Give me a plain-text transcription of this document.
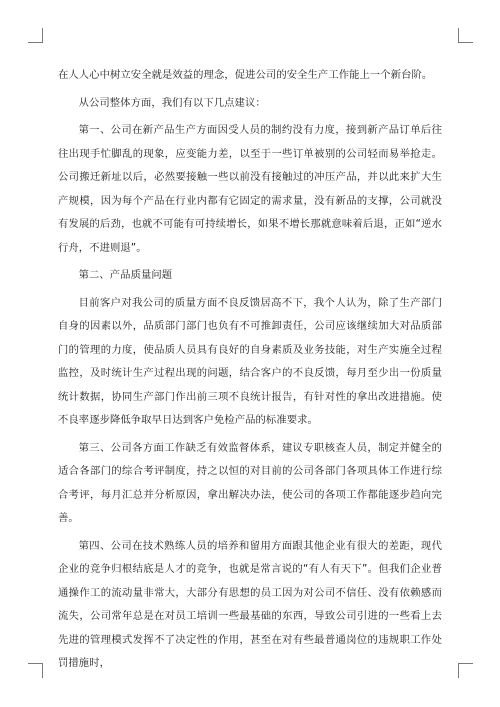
在人人心中树立安全就是效益的理念，促进公司的安全生产工作能上一个新台阶。

从公司整体方面，我们有以下几点建议：

第一、公司在新产品生产方面因受人员的制约没有力度，接到新产品订单后往往出现手忙脚乱的现象，应变能力差，以至于一些订单被别的公司轻而易举抢走。公司搬迁新址以后，必然要接触一些以前没有接触过的冲压产品，并以此来扩大生产规模，因为每个产品在行业内都有它固定的需求量，没有新品的支撑，公司就没有发展的后劲，也就不可能有可持续增长，如果不增长那就意味着后退，正如“逆水行舟，不进则退”。

第二、产品质量问题

目前客户对我公司的质量方面不良反馈居高不下，我个人认为，除了生产部门自身的因素以外，品质部门部门也负有不可推卸责任，公司应该继续加大对品质部门的管理的力度，使品质人员具有良好的自身素质及业务技能，对生产实施全过程监控，及时统计生产过程出现的问题，结合客户的不良反馈，每月至少出一份质量统计数据，协同生产部门作出前三项不良统计报告，有针对性的拿出改进措施。使不良率逐步降低争取早日达到客户免检产品的标准要求。

第三、公司各方面工作缺乏有效监督体系，建议专职核查人员，制定并健全的适合各部门的综合考评制度，持之以恒的对目前的公司各部门各项具体工作进行综合考评，每月汇总并分析原因，拿出解决办法，使公司的各项工作都能逐步趋向完善。

第四、公司在技术熟练人员的培养和留用方面跟其他企业有很大的差距，现代企业的竞争归根结底是人才的竞争，也就是常言说的“有人有天下”。但我们企业普通操作工的流动量非常大，大部分有思想的员工因为对公司不信任、没有依赖感而流失，公司常年总是在对员工培训一些最基础的东西，导致公司引进的一些看上去先进的管理模式发挥不了决定性的作用，甚至在对有些最普通岗位的违规职工作处罚措施时，
